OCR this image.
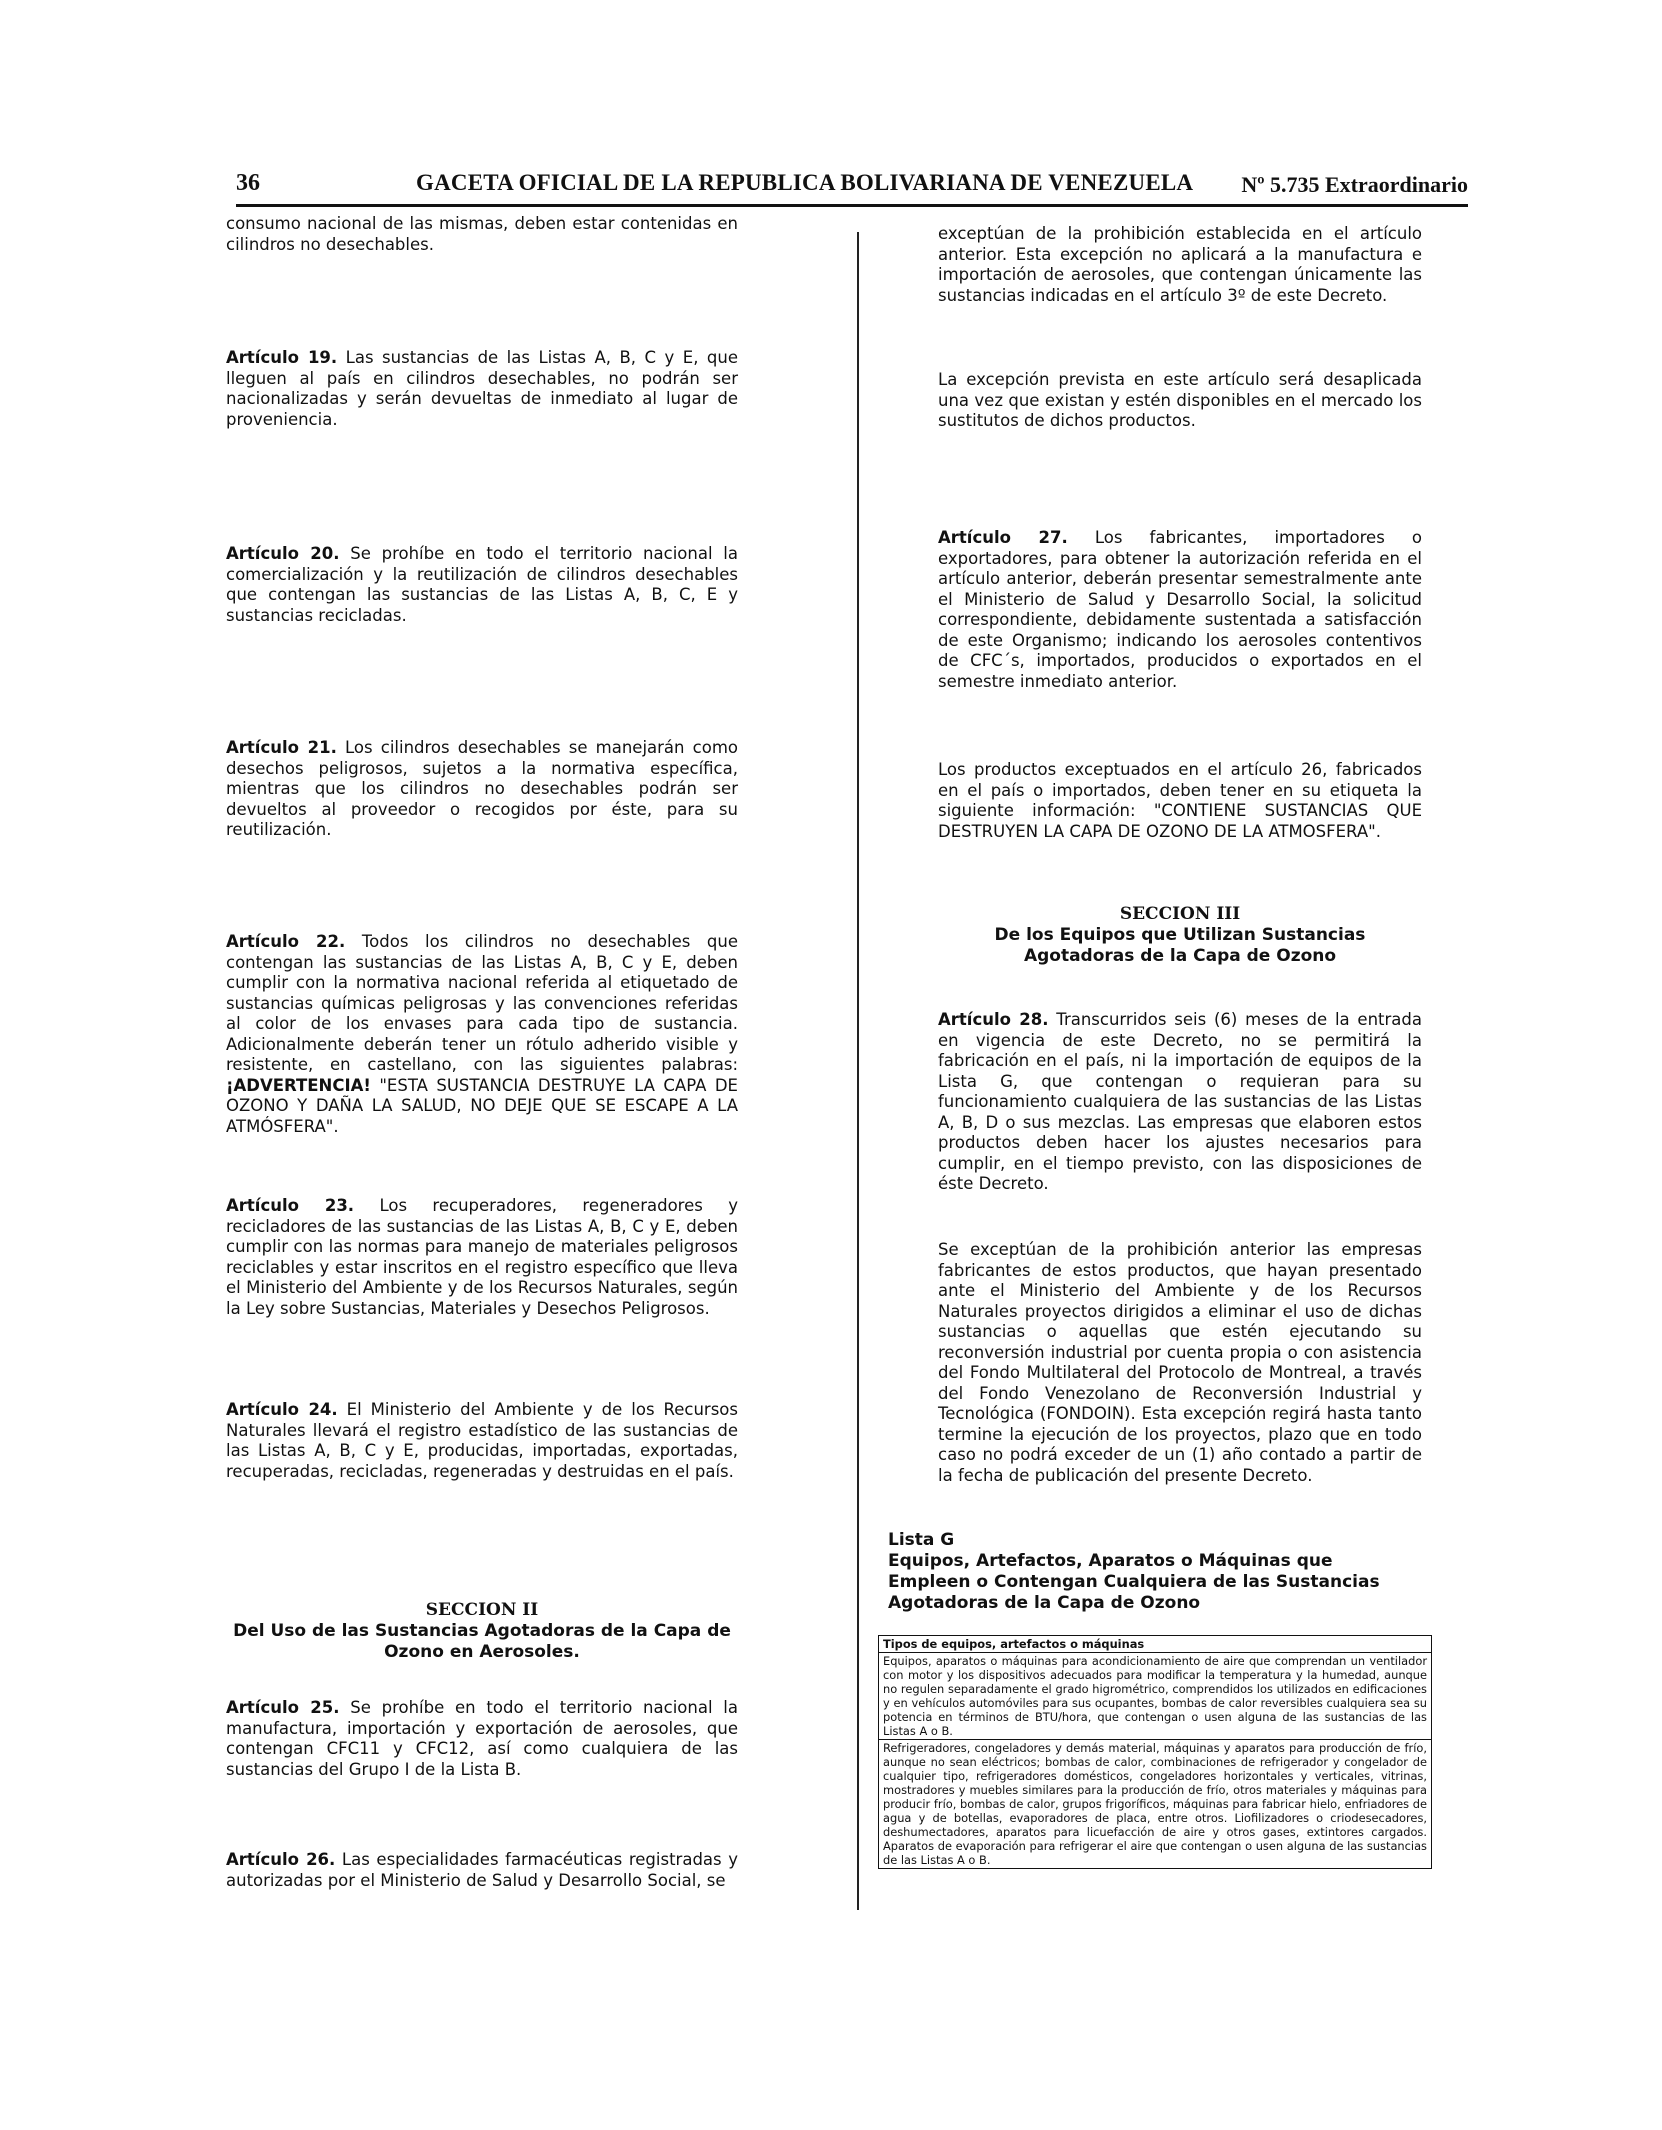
36	GACETA OFICIAL DE LA REPUBLICA BOLIVARIANA DE VENEZUELA Nº 5.735 Extraordinario

consumo nacional de las mismas, deben estar contenidas en cilindros no desechables.

Artículo 19. Las sustancias de las Listas A, B, C y E, que lleguen al país en cilindros desechables, no podrán ser nacionalizadas y serán devueltas de inmediato al lugar de proveniencia.

Artículo 20. Se prohíbe en todo el territorio nacional la comercialización y la reutilización de cilindros desechables que contengan las sustancias de las Listas A, B, C, E y sustancias recicladas.

Artículo 21. Los cilindros desechables se manejarán como desechos peligrosos, sujetos a la normativa específica, mientras que los cilindros no desechables podrán ser devueltos al proveedor o recogidos por éste, para su reutilización.

Artículo 22. Todos los cilindros no desechables que contengan las sustancias de las Listas A, B, C y E, deben cumplir con la normativa nacional referida al etiquetado de sustancias químicas peligrosas y las convenciones referidas al color de los envases para cada tipo de sustancia. Adicionalmente deberán tener un rótulo adherido visible y resistente, en castellano, con las siguientes palabras: ¡ADVERTENCIA! "ESTA SUSTANCIA DESTRUYE LA CAPA DE OZONO Y DAÑA LA SALUD, NO DEJE QUE SE ESCAPE A LA ATMÓSFERA".

Artículo 23. Los recuperadores, regeneradores y recicladores de las sustancias de las Listas A, B, C y E, deben cumplir con las normas para manejo de materiales peligrosos reciclables y estar inscritos en el registro específico que lleva el Ministerio del Ambiente y de los Recursos Naturales, según la Ley sobre Sustancias, Materiales y Desechos Peligrosos.

Artículo 24. El Ministerio del Ambiente y de los Recursos Naturales llevará el registro estadístico de las sustancias de las Listas A, B, C y E, producidas, importadas, exportadas, recuperadas, recicladas, regeneradas y destruidas en el país.

SECCION II
Del Uso de las Sustancias Agotadoras de la Capa de Ozono en Aerosoles.

Artículo 25. Se prohíbe en todo el territorio nacional la manufactura, importación y exportación de aerosoles, que contengan CFC11 y CFC12, así como cualquiera de las sustancias del Grupo I de la Lista B.

Artículo 26. Las especialidades farmacéuticas registradas y autorizadas por el Ministerio de Salud y Desarrollo Social, se

exceptúan de la prohibición establecida en el artículo anterior. Esta excepción no aplicará a la manufactura e importación de aerosoles, que contengan únicamente las sustancias indicadas en el artículo 3º de este Decreto.

La excepción prevista en este artículo será desaplicada una vez que existan y estén disponibles en el mercado los sustitutos de dichos productos.

Artículo 27. Los fabricantes, importadores o exportadores, para obtener la autorización referida en el artículo anterior, deberán presentar semestralmente ante el Ministerio de Salud y Desarrollo Social, la solicitud correspondiente, debidamente sustentada a satisfacción de este Organismo; indicando los aerosoles contentivos de CFC´s, importados, producidos o exportados en el semestre inmediato anterior.

Los productos exceptuados en el artículo 26, fabricados en el país o importados, deben tener en su etiqueta la siguiente información: "CONTIENE SUSTANCIAS QUE DESTRUYEN LA CAPA DE OZONO DE LA ATMOSFERA".

SECCION III
De los Equipos que Utilizan Sustancias Agotadoras de la Capa de Ozono

Artículo 28. Transcurridos seis (6) meses de la entrada en vigencia de este Decreto, no se permitirá la fabricación en el país, ni la importación de equipos de la Lista G, que contengan o requieran para su funcionamiento cualquiera de las sustancias de las Listas A, B, D o sus mezclas. Las empresas que elaboren estos productos deben hacer los ajustes necesarios para cumplir, en el tiempo previsto, con las disposiciones de éste Decreto.

Se exceptúan de la prohibición anterior las empresas fabricantes de estos productos, que hayan presentado ante el Ministerio del Ambiente y de los Recursos Naturales proyectos dirigidos a eliminar el uso de dichas sustancias o aquellas que estén ejecutando su reconversión industrial por cuenta propia o con asistencia del Fondo Multilateral del Protocolo de Montreal, a través del Fondo Venezolano de Reconversión Industrial y Tecnológica (FONDOIN). Esta excepción regirá hasta tanto termine la ejecución de los proyectos, plazo que en todo caso no podrá exceder de un (1) año contado a partir de la fecha de publicación del presente Decreto.

Lista G
Equipos, Artefactos, Aparatos o Máquinas que Empleen o Contengan Cualquiera de las Sustancias Agotadoras de la Capa de Ozono
Tipos de equipos, artefactos o máquinas
Equipos, aparatos o máquinas para acondicionamiento de aire que comprendan un ventilador con motor y los dispositivos adecuados para modificar la temperatura y la humedad, aunque no regulen separadamente el grado higrométrico, comprendidos los utilizados en edificaciones y en vehículos automóviles para sus ocupantes, bombas de calor reversibles cualquiera sea su potencia en términos de BTU/hora, que contengan o usen alguna de las sustancias de las Listas A o B.
Refrigeradores, congeladores y demás material, máquinas y aparatos para producción de frío, aunque no sean eléctricos; bombas de calor, combinaciones de refrigerador y congelador de cualquier tipo, refrigeradores domésticos, congeladores horizontales y verticales, vitrinas, mostradores y muebles similares para la producción de frío, otros materiales y máquinas para producir frío, bombas de calor, grupos frigoríficos, máquinas para fabricar hielo, enfriadores de agua y de botellas, evaporadores de placa, entre otros. Liofilizadores o criodesecadores, deshumectadores, aparatos para licuefacción de aire y otros gases, extintores cargados. Aparatos de evaporación para refrigerar el aire que contengan o usen alguna de las sustancias de las Listas A o B.
